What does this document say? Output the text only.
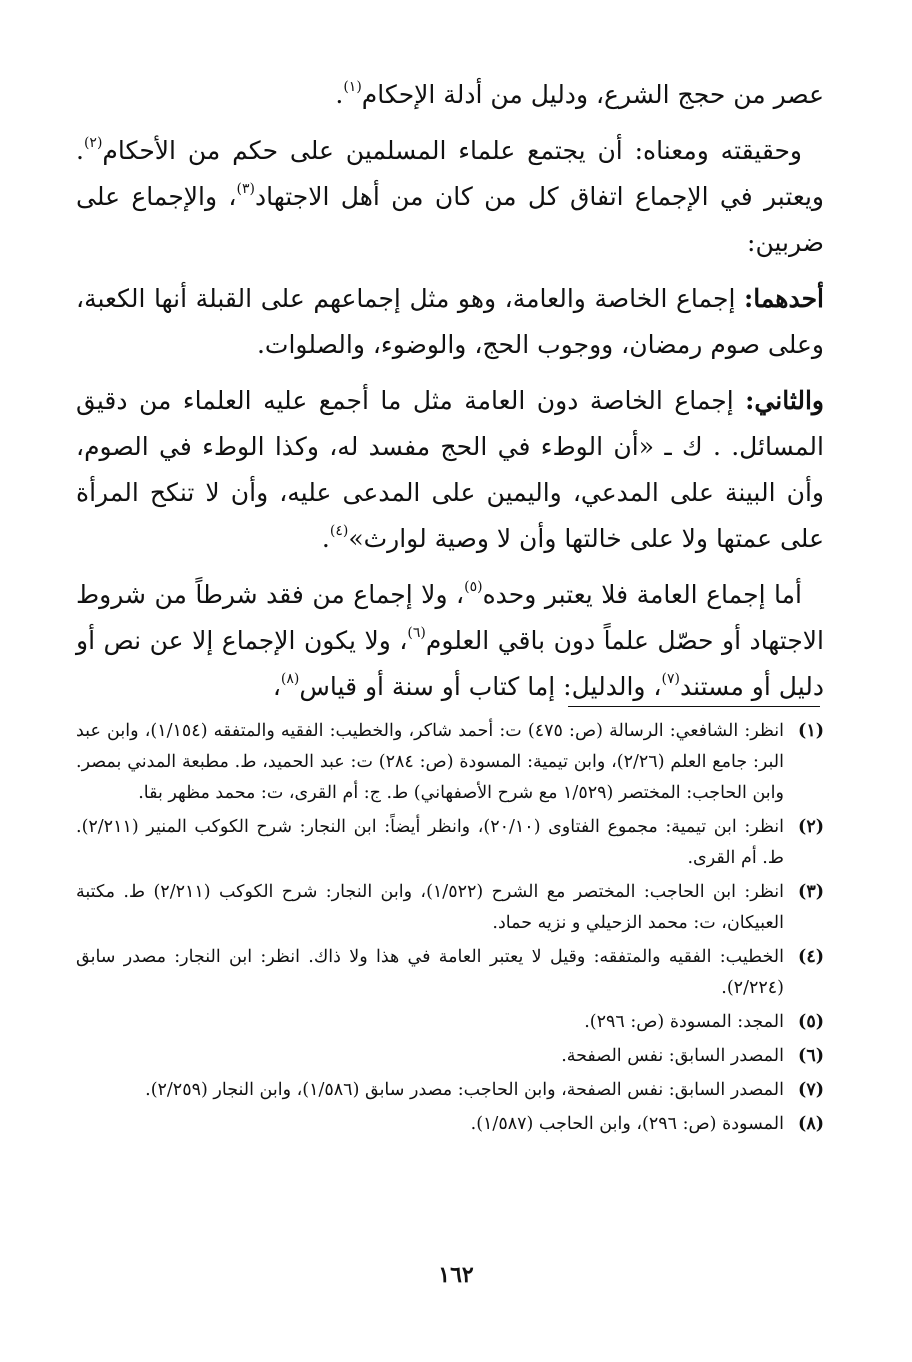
عصر من حجج الشرع، ودليل من أدلة الإحكام$^{(١)}$.

وحقيقته ومعناه: أن يجتمع علماء المسلمين على حكم من الأحكام$^{(٢)}$. ويعتبر في الإجماع اتفاق كل من كان من أهل الاجتهاد$^{(٣)}$، والإجماع على ضربين:

أحدهما: إجماع الخاصة والعامة، وهو مثل إجماعهم على القبلة أنها الكعبة، وعلى صوم رمضان، ووجوب الحج، والوضوء، والصلوات.

والثاني: إجماع الخاصة دون العامة مثل ما أجمع عليه العلماء من دقيق المسائل. . ك ـ «أن الوطء في الحج مفسد له، وكذا الوطء في الصوم، وأن البينة على المدعي، واليمين على المدعى عليه، وأن لا تنكح المرأة على عمتها ولا على خالتها وأن لا وصية لوارث»$^{(٤)}$.

أما إجماع العامة فلا يعتبر وحده$^{(٥)}$، ولا إجماع من فقد شرطاً من شروط الاجتهاد أو حصّل علماً دون باقي العلوم$^{(٦)}$، ولا يكون الإجماع إلا عن نص أو دليل أو مستند$^{(٧)}$، والدليل: إما كتاب أو سنة أو قياس$^{(٨)}$،

(١)
انظر: الشافعي: الرسالة (ص: ٤٧٥) ت: أحمد شاكر، والخطيب: الفقيه والمتفقه (١/١٥٤)، وابن عبد البر: جامع العلم (٢/٢٦)، وابن تيمية: المسودة (ص: ٢٨٤) ت: عبد الحميد، ط. مطبعة المدني بمصر. وابن الحاجب: المختصر (١/٥٢٩ مع شرح الأصفهاني) ط. ج: أم القرى، ت: محمد مظهر بقا.
(٢)
انظر: ابن تيمية: مجموع الفتاوى (٢٠/١٠)، وانظر أيضاً: ابن النجار: شرح الكوكب المنير (٢/٢١١). ط. أم القرى.
(٣)
انظر: ابن الحاجب: المختصر مع الشرح (١/٥٢٢)، وابن النجار: شرح الكوكب (٢/٢١١) ط. مكتبة العبيكان، ت: محمد الزحيلي و نزيه حماد.
(٤)
الخطيب: الفقيه والمتفقه: وقيل لا يعتبر العامة في هذا ولا ذاك. انظر: ابن النجار: مصدر سابق (٢/٢٢٤).
(٥)
المجد: المسودة (ص: ٢٩٦).
(٦)
المصدر السابق: نفس الصفحة.
(٧)
المصدر السابق: نفس الصفحة، وابن الحاجب: مصدر سابق (١/٥٨٦)، وابن النجار (٢/٢٥٩).
(٨)
المسودة (ص: ٢٩٦)، وابن الحاجب (١/٥٨٧).
١٦٢
